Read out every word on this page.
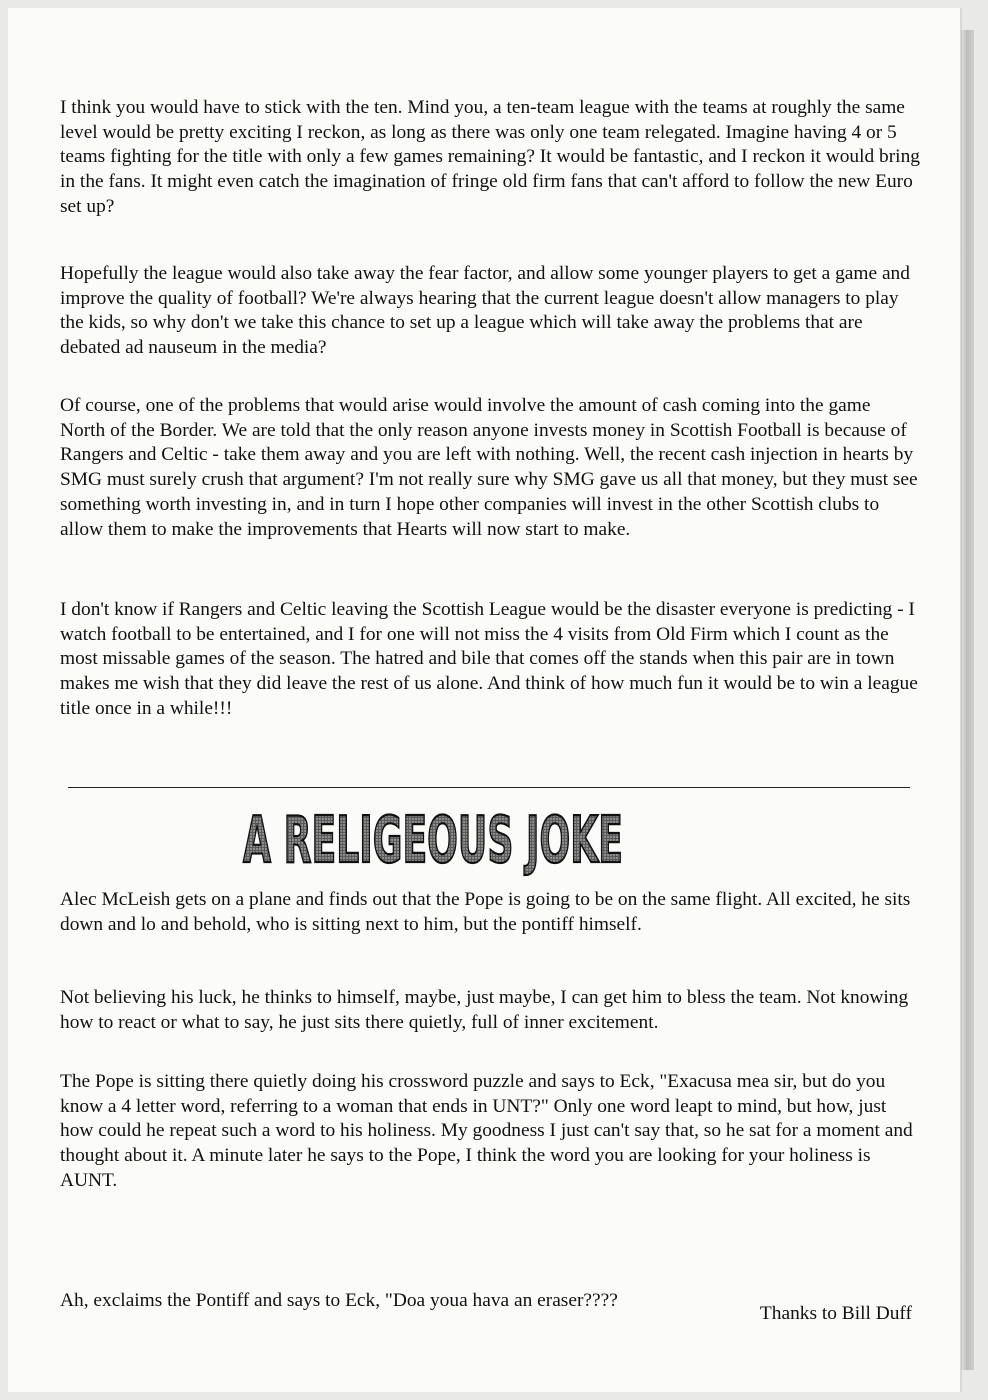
I think you would have to stick with the ten. Mind you, a ten-team league with the teams at roughly the same level would be pretty exciting I reckon, as long as there was only one team relegated. Imagine having 4 or 5 teams fighting for the title with only a few games remaining? It would be fantastic, and I reckon it would bring in the fans. It might even catch the imagination of fringe old firm fans that can't afford to follow the new Euro set up?

Hopefully the league would also take away the fear factor, and allow some younger players to get a game and improve the quality of football? We're always hearing that the current league doesn't allow managers to play the kids, so why don't we take this chance to set up a league which will take away the problems that are debated ad nauseum in the media?

Of course, one of the problems that would arise would involve the amount of cash coming into the game North of the Border. We are told that the only reason anyone invests money in Scottish Football is because of Rangers and Celtic - take them away and you are left with nothing. Well, the recent cash injection in hearts by SMG must surely crush that argument? I'm not really sure why SMG gave us all that money, but they must see something worth investing in, and in turn I hope other companies will invest in the other Scottish clubs to allow them to make the improvements that Hearts will now start to make.

I don't know if Rangers and Celtic leaving the Scottish League would be the disaster everyone is predicting - I watch football to be entertained, and I for one will not miss the 4 visits from Old Firm which I count as the most missable games of the season. The hatred and bile that comes off the stands when this pair are in town makes me wish that they did leave the rest of us alone. And think of how much fun it would be to win a league title once in a while!!!

A RELIGEOUS JOKE

Alec McLeish gets on a plane and finds out that the Pope is going to be on the same flight. All excited, he sits down and lo and behold, who is sitting next to him, but the pontiff himself.

Not believing his luck, he thinks to himself, maybe, just maybe, I can get him to bless the team. Not knowing how to react or what to say, he just sits there quietly, full of inner excitement.

The Pope is sitting there quietly doing his crossword puzzle and says to Eck, "Exacusa mea sir, but do you know a 4 letter word, referring to a woman that ends in UNT?" Only one word leapt to mind, but how, just how could he repeat such a word to his holiness. My goodness I just can't say that, so he sat for a moment and thought about it. A minute later he says to the Pope, I think the word you are looking for your holiness is AUNT.

Ah, exclaims the Pontiff and says to Eck, "Doa youa hava an eraser????

Thanks to Bill Duff
